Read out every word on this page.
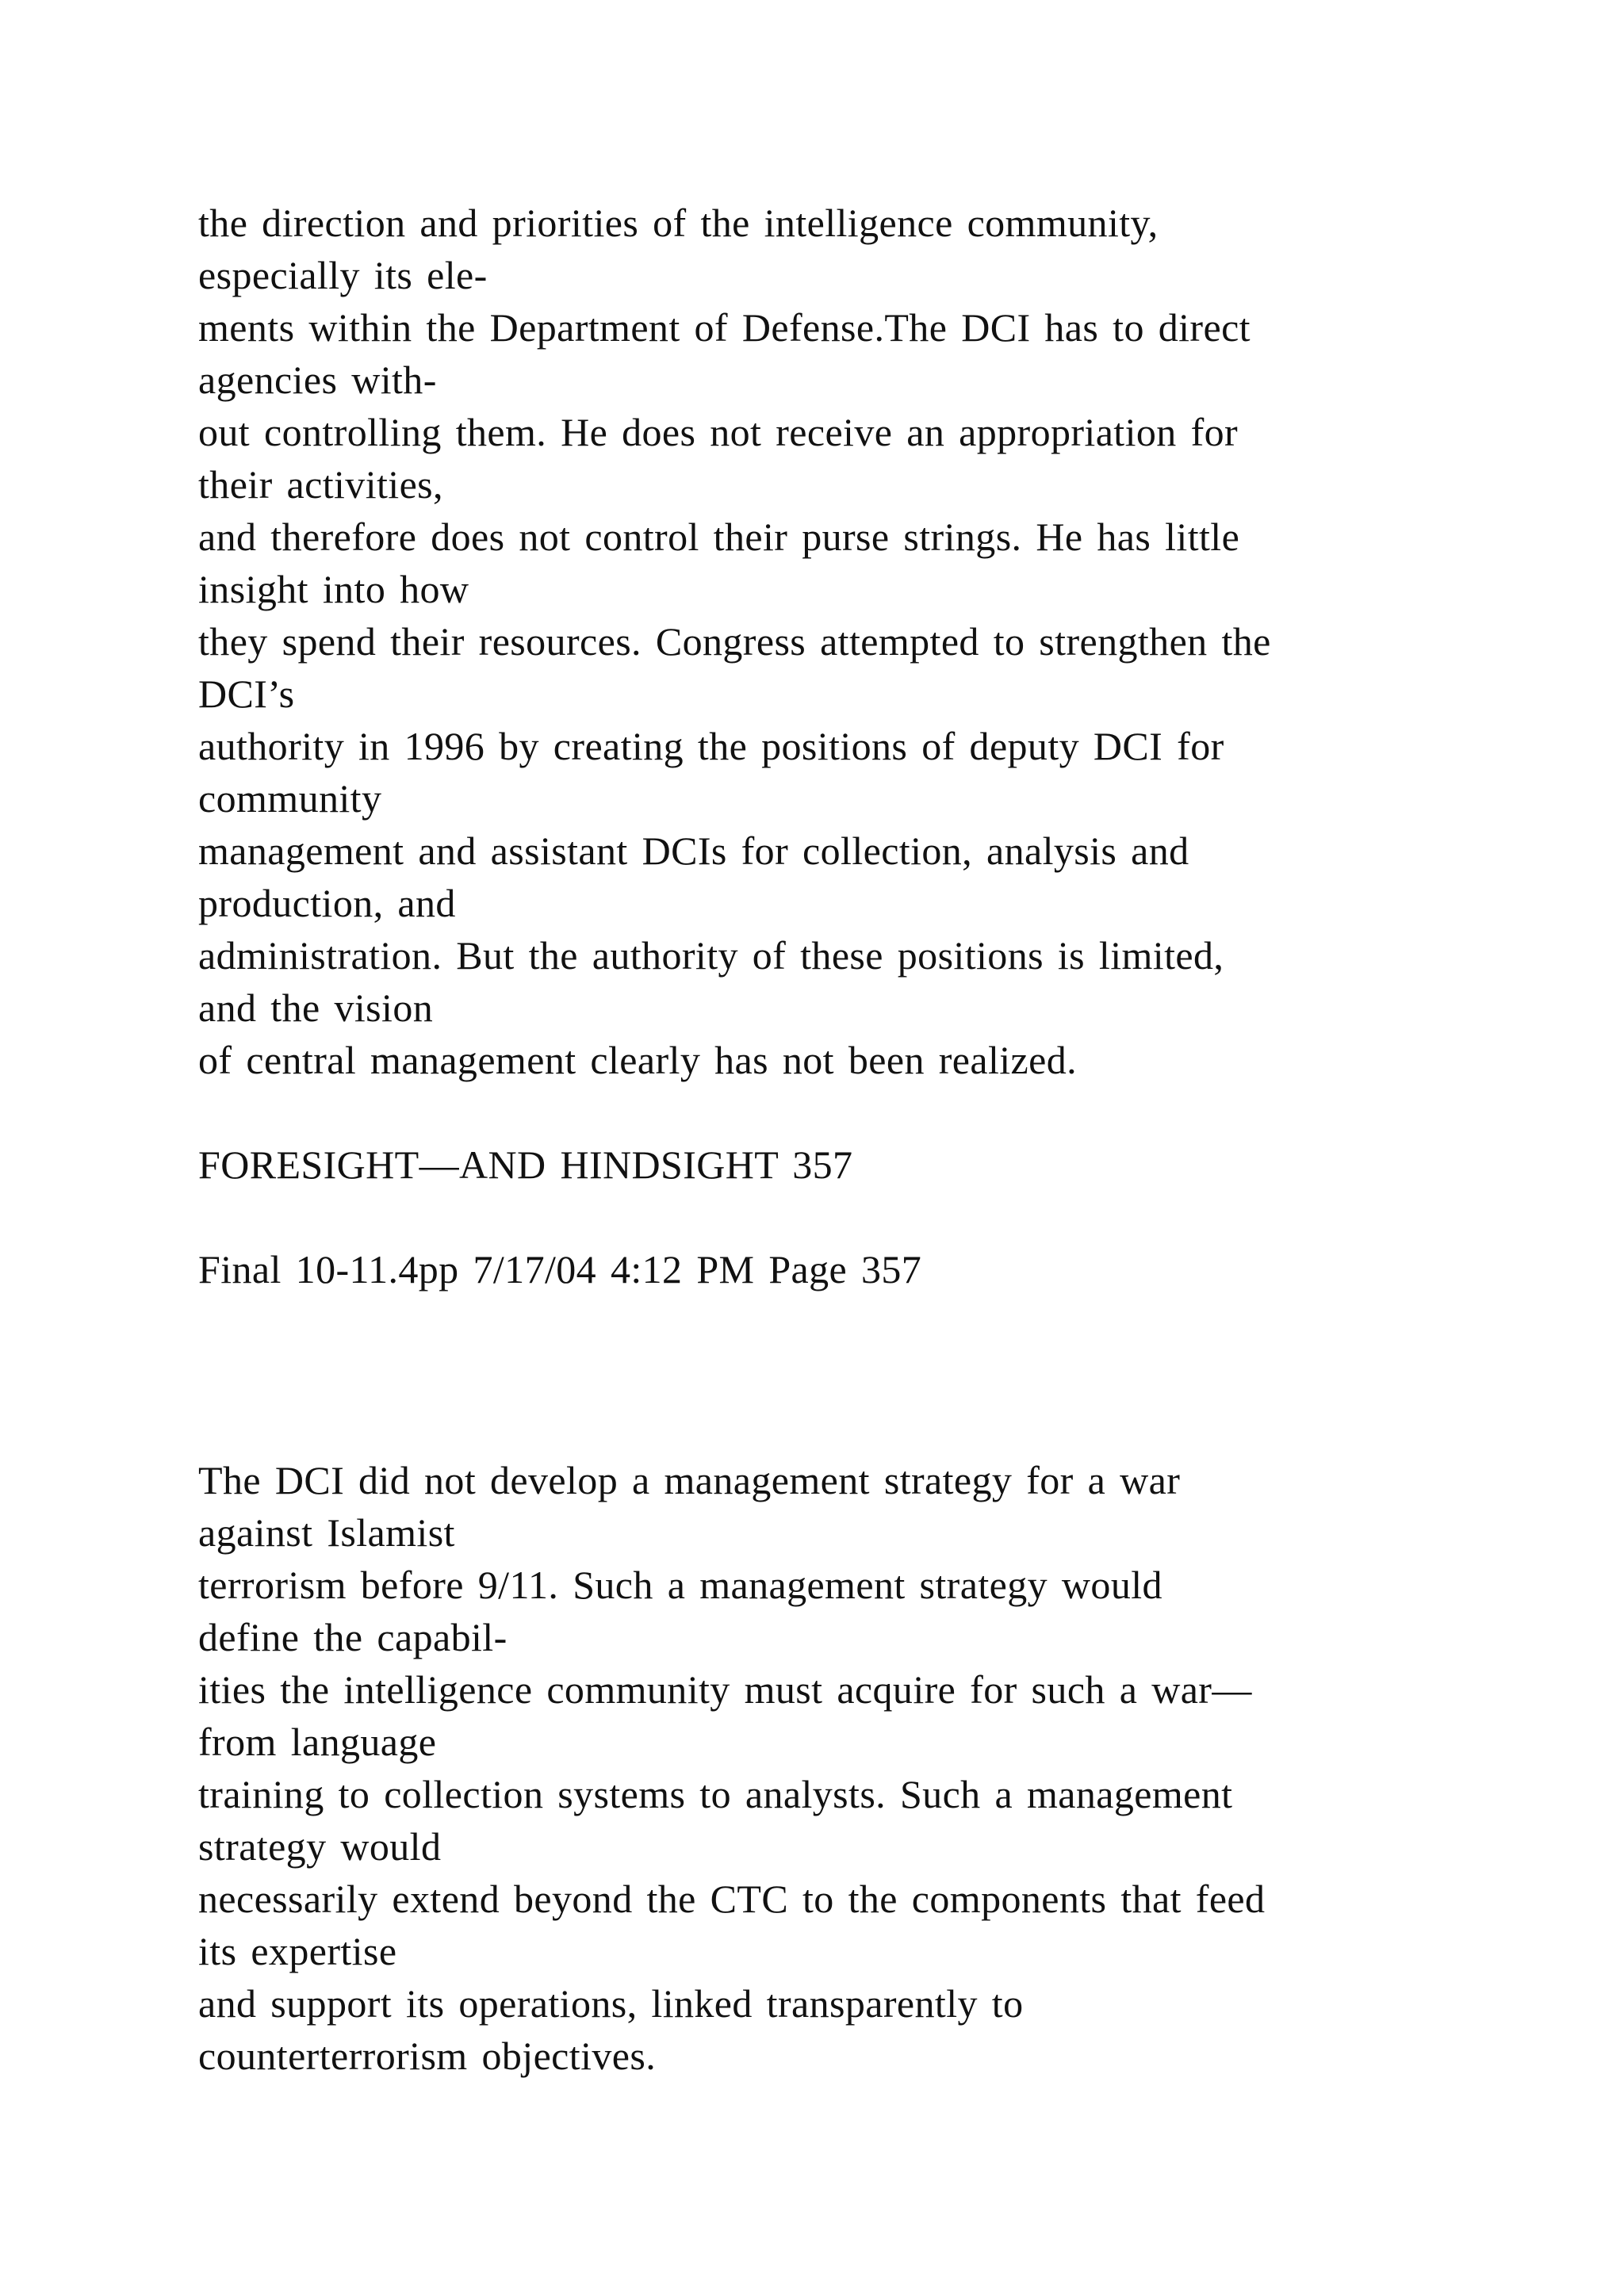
the direction and priorities of the intelligence community,
especially its ele-
ments within the Department of Defense.The DCI has to direct
agencies with-
out controlling them. He does not receive an appropriation for
their activities,
and therefore does not control their purse strings. He has little
insight into how
they spend their resources. Congress attempted to strengthen the
DCI’s
authority in 1996 by creating the positions of deputy DCI for
community
management and assistant DCIs for collection, analysis and
production, and
administration. But the authority of these positions is limited,
and the vision
of central management clearly has not been realized.
FORESIGHT—AND HINDSIGHT 357
Final 10-11.4pp 7/17/04 4:12 PM Page 357
The DCI did not develop a management strategy for a war
against Islamist
terrorism before 9/11. Such a management strategy would
define the capabil-
ities the intelligence community must acquire for such a war—
from language
training to collection systems to analysts. Such a management
strategy would
necessarily extend beyond the CTC to the components that feed
its expertise
and support its operations, linked transparently to
counterterrorism objectives.
